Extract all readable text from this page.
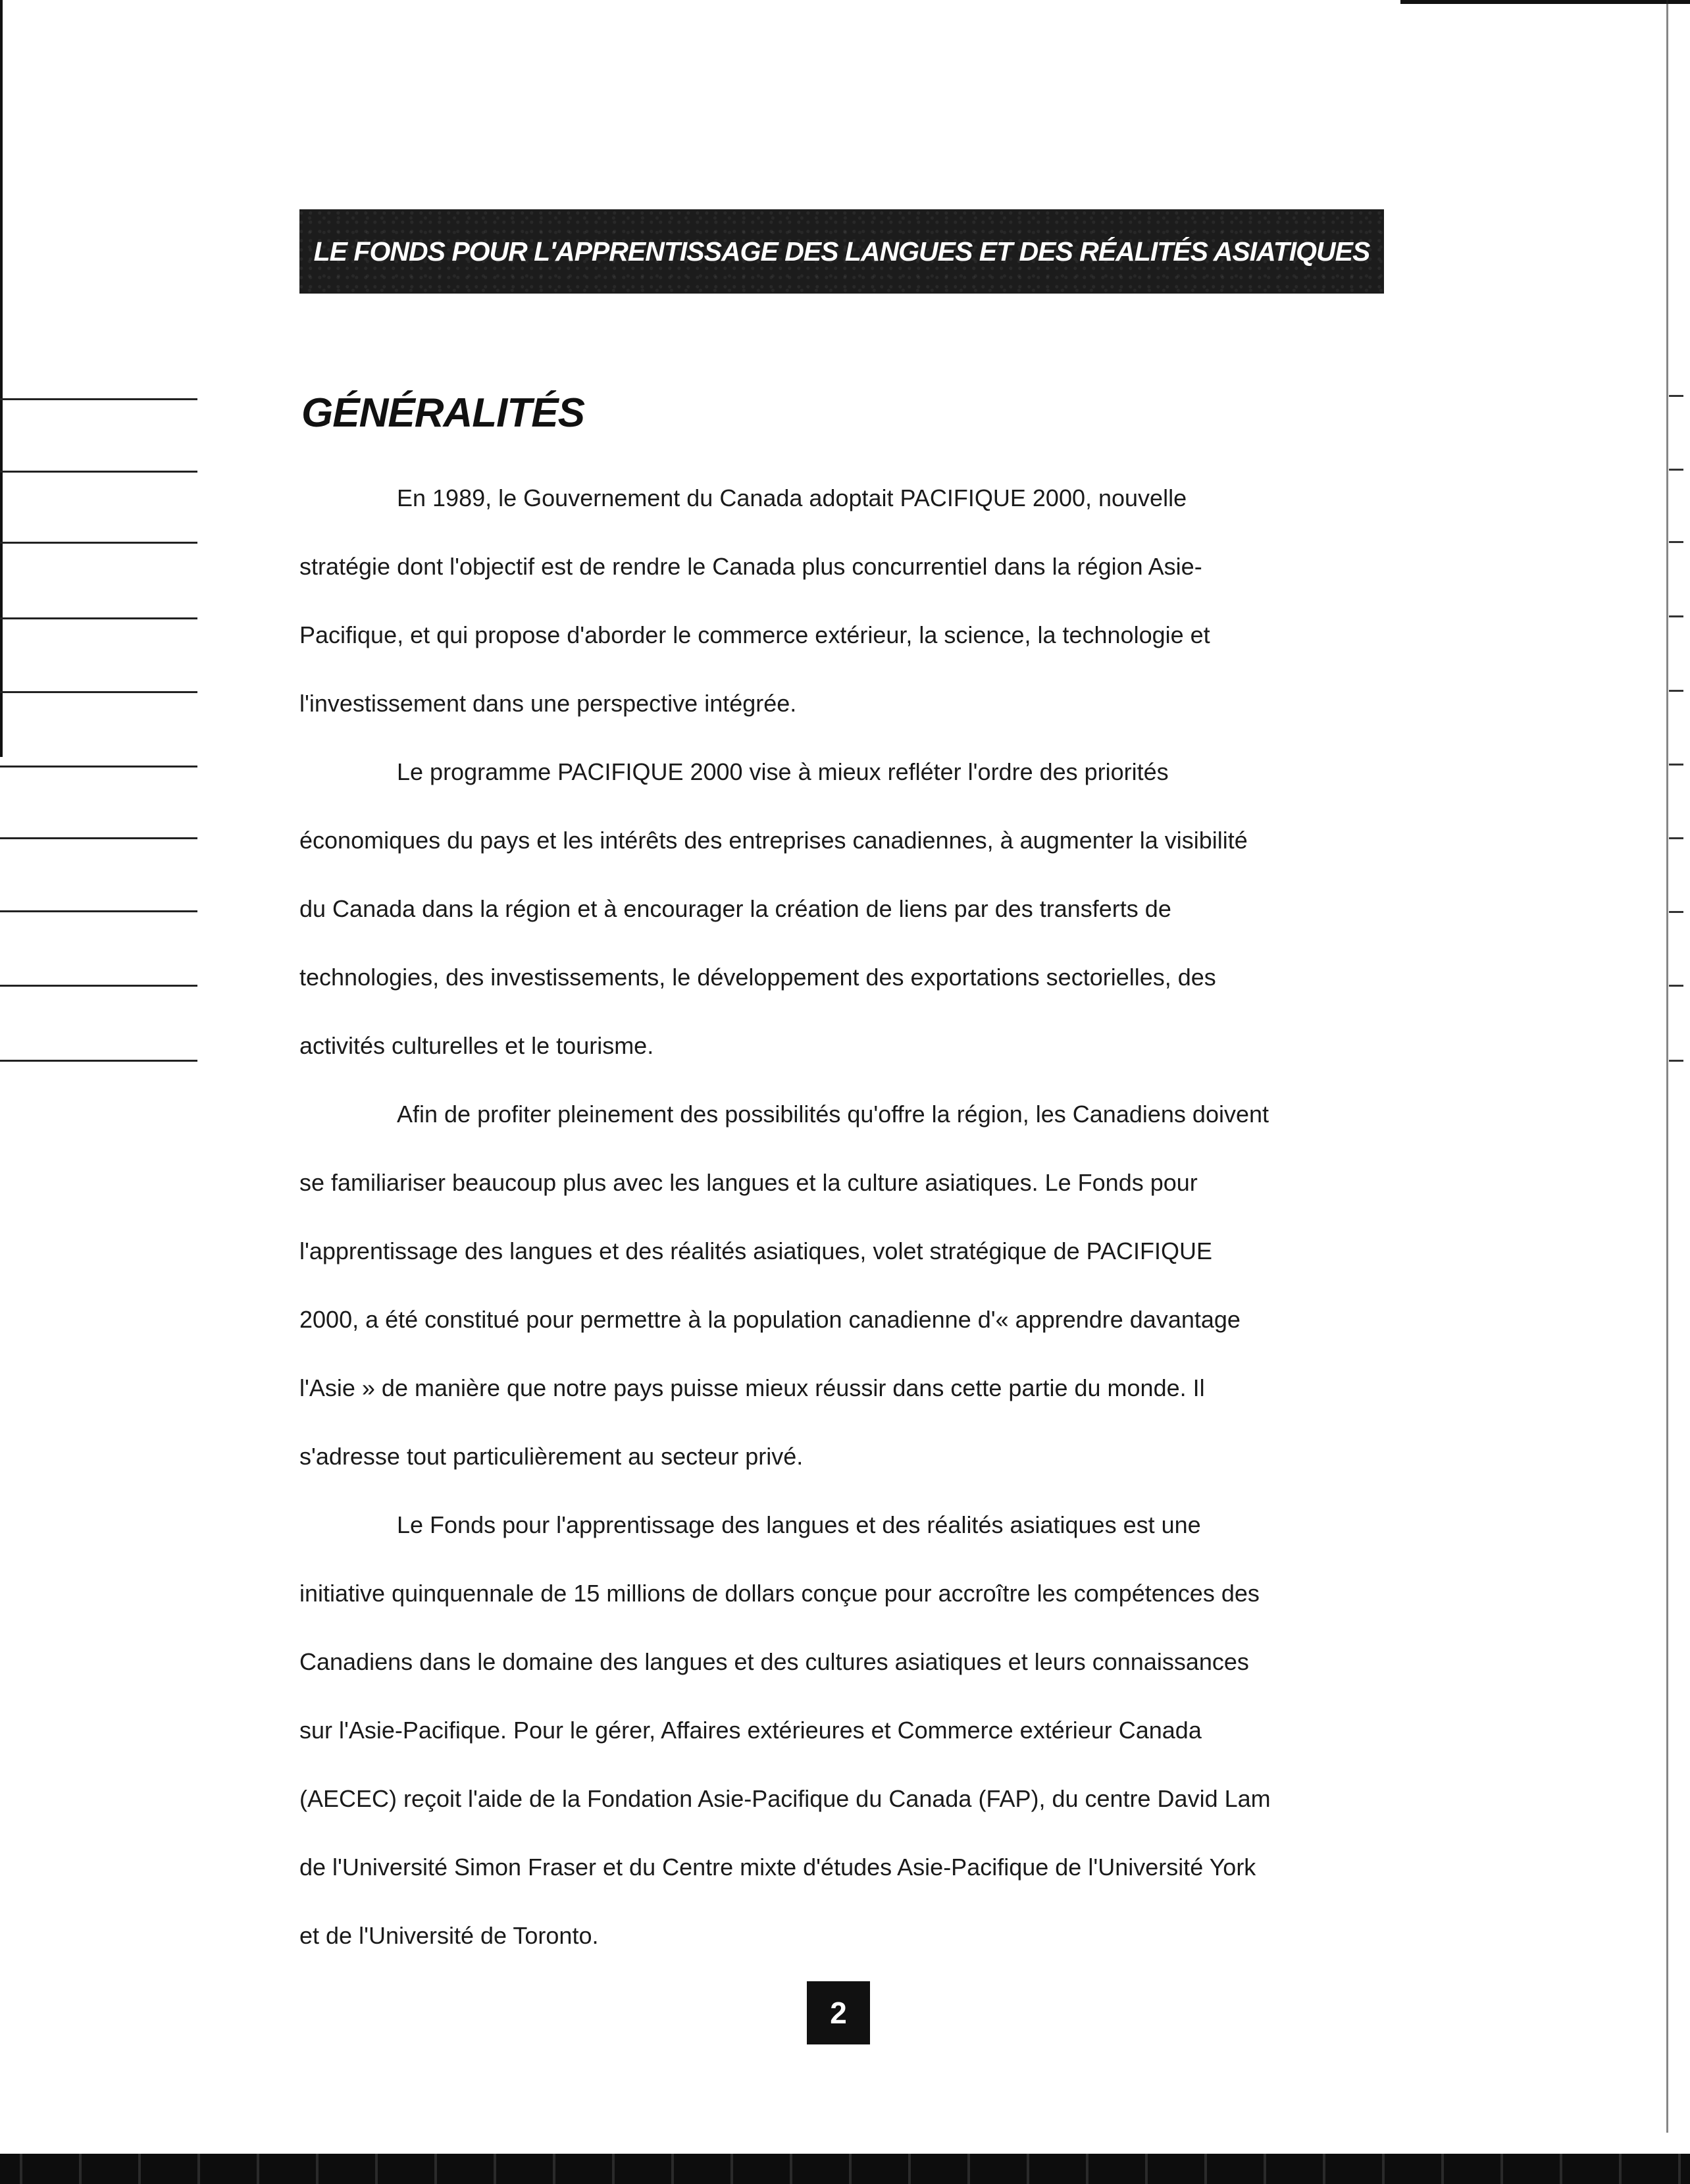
LE FONDS POUR L'APPRENTISSAGE DES LANGUES ET DES RÉALITÉS ASIATIQUES
GÉNÉRALITÉS

En 1989, le Gouvernement du Canada adoptait PACIFIQUE 2000, nouvelle
stratégie dont l'objectif est de rendre le Canada plus concurrentiel dans la région Asie-
Pacifique, et qui propose d'aborder le commerce extérieur, la science, la technologie et
l'investissement dans une perspective intégrée.

Le programme PACIFIQUE 2000 vise à mieux refléter l'ordre des priorités
économiques du pays et les intérêts des entreprises canadiennes, à augmenter la visibilité
du Canada dans la région et à encourager la création de liens par des transferts de
technologies, des investissements, le développement des exportations sectorielles, des
activités culturelles et le tourisme.

Afin de profiter pleinement des possibilités qu'offre la région, les Canadiens doivent
se familiariser beaucoup plus avec les langues et la culture asiatiques. Le Fonds pour
l'apprentissage des langues et des réalités asiatiques, volet stratégique de PACIFIQUE
2000, a été constitué pour permettre à la population canadienne d'« apprendre davantage
l'Asie » de manière que notre pays puisse mieux réussir dans cette partie du monde. Il
s'adresse tout particulièrement au secteur privé.

Le Fonds pour l'apprentissage des langues et des réalités asiatiques est une
initiative quinquennale de 15 millions de dollars conçue pour accroître les compétences des
Canadiens dans le domaine des langues et des cultures asiatiques et leurs connaissances
sur l'Asie-Pacifique. Pour le gérer, Affaires extérieures et Commerce extérieur Canada
(AECEC) reçoit l'aide de la Fondation Asie-Pacifique du Canada (FAP), du centre David Lam
de l'Université Simon Fraser et du Centre mixte d'études Asie-Pacifique de l'Université York
et de l'Université de Toronto.

2
